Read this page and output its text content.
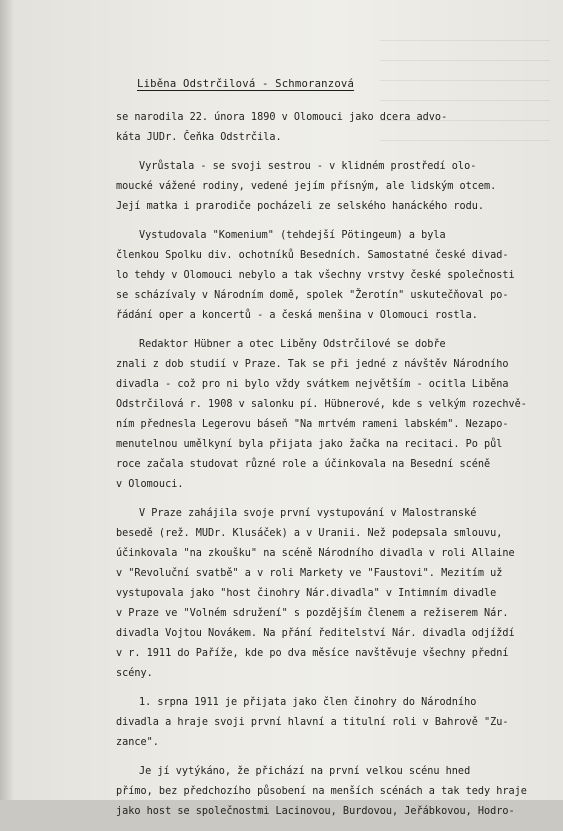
Liběna Odstrčilová - Schmoranzová
se narodila 22. února 1890 v Olomouci jako dcera advo-
káta JUDr. Čeňka Odstrčila.
Vyrůstala - se svoji sestrou - v klidném prostředí olo-
moucké vážené rodiny, vedené jejím přísným, ale lidským otcem.
Její matka i prarodiče pocházeli ze selského hanáckého rodu.
Vystudovala "Komenium" (tehdejší Pötingeum) a byla
členkou Spolku div. ochotníků Besedních. Samostatné české divad-
lo tehdy v Olomouci nebylo a tak všechny vrstvy české společnosti
se scházívaly v Národním domě, spolek "Žerotín" uskutečňoval po-
řádání oper a koncertů - a česká menšina v Olomouci rostla.
Redaktor Hübner a otec Liběny Odstrčilové se dobře
znali z dob studií v Praze. Tak se při jedné z návštěv Národního
divadla - což pro ni bylo vždy svátkem největším - ocitla Liběna
Odstrčilová r. 1908 v salonku pí. Hübnerové, kde s velkým rozechvě-
ním přednesla Legerovu báseň "Na mrtvém rameni labském". Nezapo-
menutelnou umělkyní byla přijata jako žačka na recitaci. Po půl
roce začala studovat různé role a účinkovala na Besední scéně
v Olomouci.
V Praze zahájila svoje první vystupování v Malostranské
besedě (rež. MUDr. Klusáček) a v Uranii. Než podepsala smlouvu,
účinkovala "na zkoušku" na scéně Národního divadla v roli Allaine
v "Revoluční svatbě" a v roli Markety ve "Faustovi". Mezitím už
vystupovala jako "host činohry Nár.divadla" v Intimním divadle
v Praze ve "Volném sdružení" s pozdějším členem a režiserem Nár.
divadla Vojtou Novákem. Na přání ředitelství Nár. divadla odjíždí
v r. 1911 do Paříže, kde po dva měsíce navštěvuje všechny přední
scény.
1. srpna 1911 je přijata jako člen činohry do Národního
divadla a hraje svoji první hlavní a titulní roli v Bahrově "Zu-
zance".
Je jí vytýkáno, že přichází na první velkou scénu hned
přímo, bez předchozího působení na menších scénách a tak tedy hraje
jako host se společnostmi Lacinovou, Burdovou, Jeřábkovou, Hodro-
